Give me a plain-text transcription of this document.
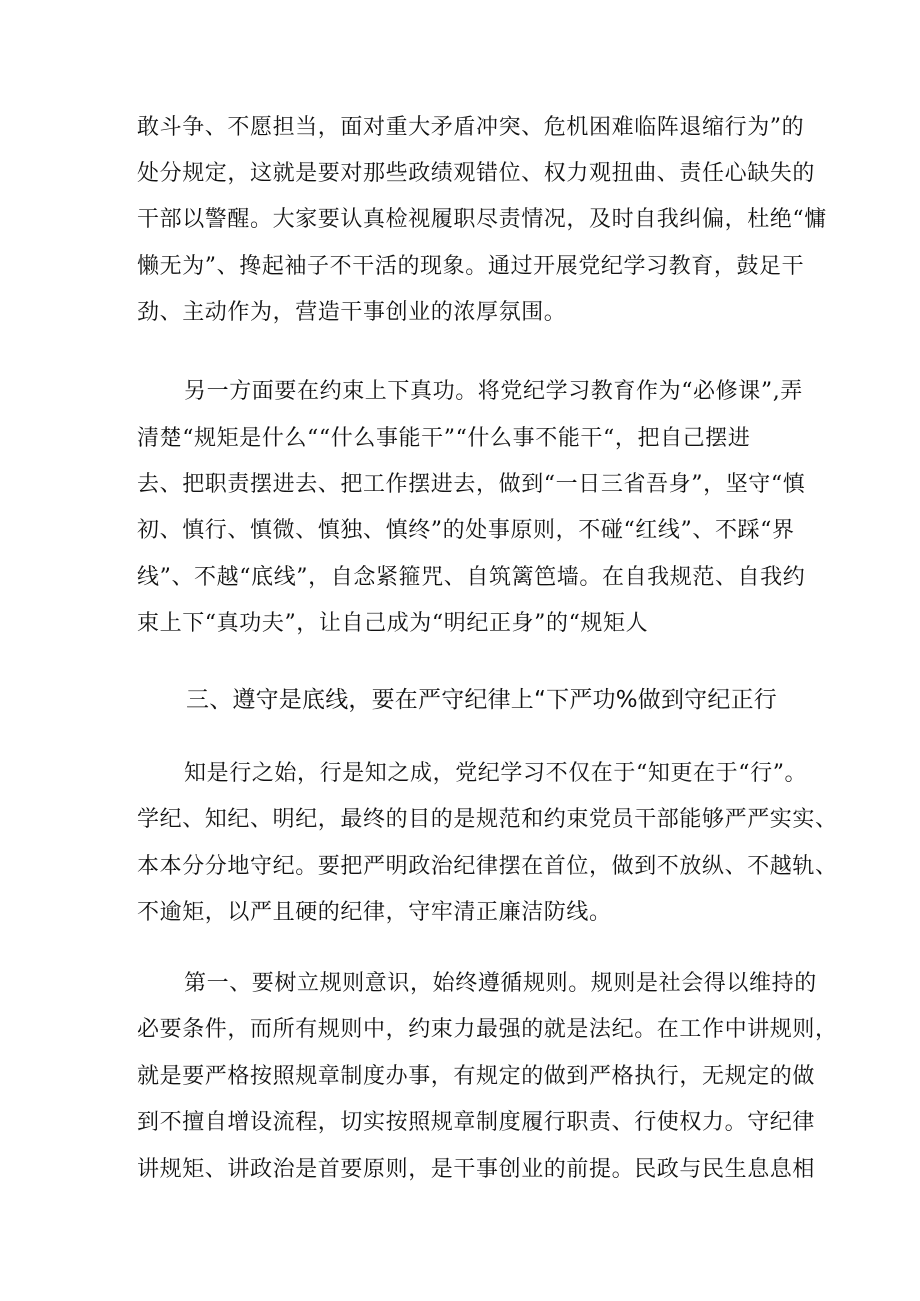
敢斗争、不愿担当，面对重大矛盾冲突、危机困难临阵退缩行为”的

处分规定，这就是要对那些政绩观错位、权力观扭曲、责任心缺失的

干部以警醒。大家要认真检视履职尽责情况，及时自我纠偏，杜绝“慵

懒无为”、搀起袖子不干活的现象。通过开展党纪学习教育，鼓足干

劲、主动作为，营造干事创业的浓厚氛围。

另一方面要在约束上下真功。将党纪学习教育作为“必修课”,弄

清楚“规矩是什么““什么事能干”“什么事不能干“，把自己摆进

去、把职责摆进去、把工作摆进去，做到“一日三省吾身”，坚守“慎

初、慎行、慎微、慎独、慎终”的处事原则，不碰“红线”、不踩“界

线”、不越“底线”，自念紧箍咒、自筑篱笆墙。在自我规范、自我约

束上下“真功夫”，让自己成为“明纪正身”的“规矩人

三、遵守是底线，要在严守纪律上“下严功%做到守纪正行

知是行之始，行是知之成，党纪学习不仅在于“知更在于“行”。

学纪、知纪、明纪，最终的目的是规范和约束党员干部能够严严实实、

本本分分地守纪。要把严明政治纪律摆在首位，做到不放纵、不越轨、

不逾矩，以严且硬的纪律，守牢清正廉洁防线。

第一、要树立规则意识，始终遵循规则。规则是社会得以维持的

必要条件，而所有规则中，约束力最强的就是法纪。在工作中讲规则，

就是要严格按照规章制度办事，有规定的做到严格执行，无规定的做

到不擅自增设流程，切实按照规章制度履行职责、行使权力。守纪律

讲规矩、讲政治是首要原则，是干事创业的前提。民政与民生息息相
